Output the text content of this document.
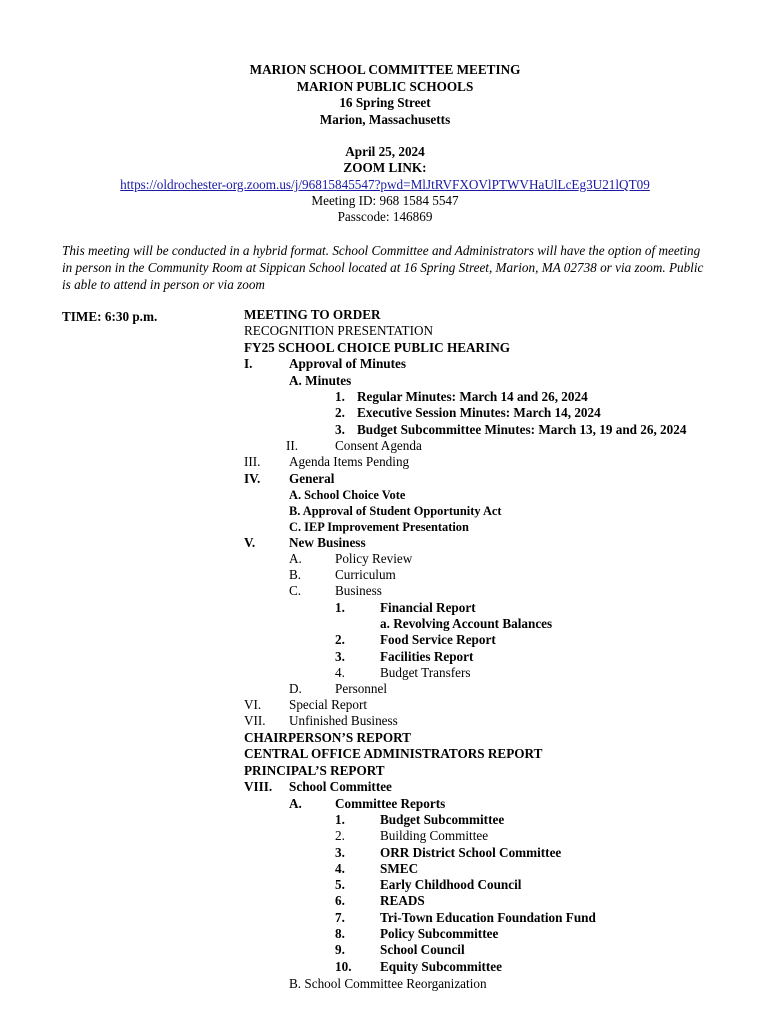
MARION SCHOOL COMMITTEE MEETING
MARION PUBLIC SCHOOLS
16 Spring Street
Marion, Massachusetts
April 25, 2024
ZOOM LINK:
https://oldrochester-org.zoom.us/j/96815845547?pwd=MlJtRVFXOVlPTWVHaUlLcEg3U21lQT09
Meeting ID: 968 1584 5547
Passcode: 146869
This meeting will be conducted in a hybrid format. School Committee and Administrators will have the option of meeting in person in the Community Room at Sippican School located at 16 Spring Street, Marion, MA 02738 or via zoom. Public is able to attend in person or via zoom
TIME: 6:30 p.m.	MEETING TO ORDER
RECOGNITION PRESENTATION
FY25 SCHOOL CHOICE PUBLIC HEARING
I.	Approval of Minutes
A. Minutes
1. Regular Minutes: March 14 and 26, 2024
2. Executive Session Minutes: March 14, 2024
3. Budget Subcommittee Minutes: March 13, 19 and 26, 2024
II.	Consent Agenda
III. Agenda Items Pending
IV. General
A. School Choice Vote
B. Approval of Student Opportunity Act
C. IEP Improvement Presentation
V.	New Business
A.	Policy Review
B.	Curriculum
C.	Business
1.	Financial Report
a. Revolving Account Balances
2.	Food Service Report
3.	Facilities Report
4.	Budget Transfers
D.	Personnel
VI. Special Report
VII. Unfinished Business
CHAIRPERSON’S REPORT
CENTRAL OFFICE ADMINISTRATORS REPORT
PRINCIPAL’S REPORT
VIII. School Committee
A.	Committee Reports
1.	Budget Subcommittee
2.	Building Committee
3.	ORR District School Committee
4.	SMEC
5.	Early Childhood Council
6.	READS
7.	Tri-Town Education Foundation Fund
8.	Policy Subcommittee
9.	School Council
10. Equity Subcommittee
B. School Committee Reorganization
